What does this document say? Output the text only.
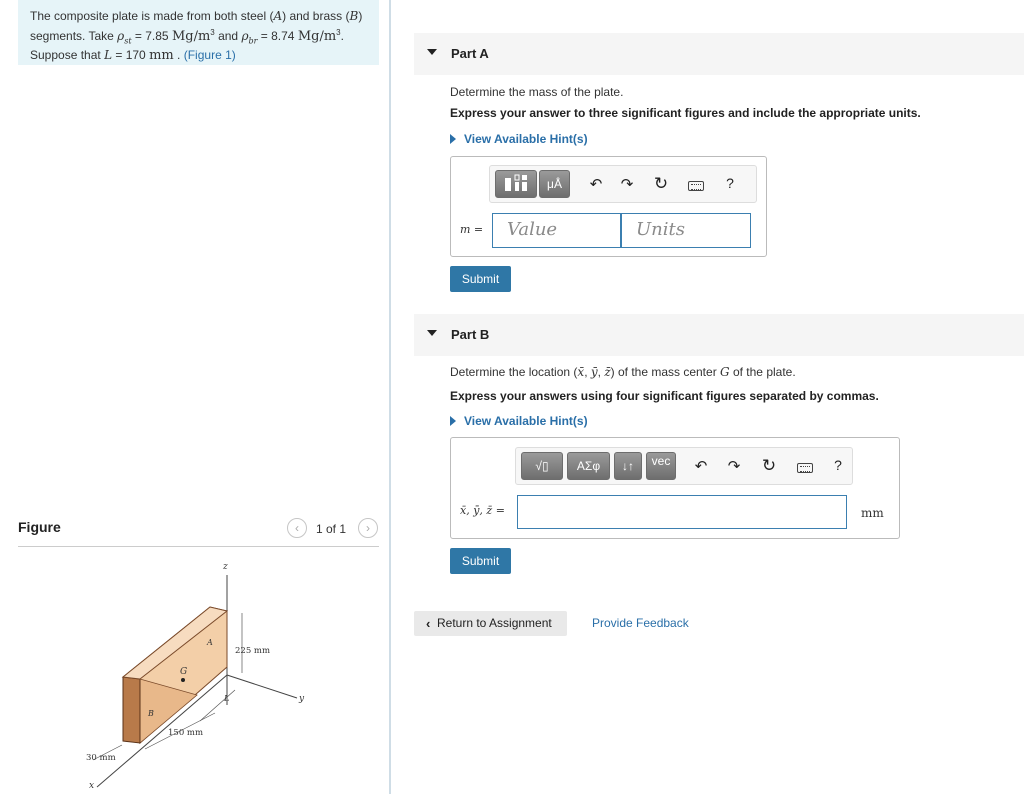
The composite plate is made from both steel (A) and brass (B)
segments. Take $\rho_{st} = 7.85$ $Mg/m^3$ and $\rho_{br} = 8.74$ $Mg/m^3$.
Suppose that L = 170 mm . (Figure 1)
Figure	‹	1 of 1	›
z
A
G
B
L	y
x
225 mm
150 mm
30 mm
Part A
Determine the mass of the plate.
Express your answer to three significant figures and include the appropriate units.
View Available Hint(s)
μÅ	↶ ↷ ↻	?
m = Value	Units
Submit
Part B
Determine the location (x̄, ȳ, z̄) of the mass center G of the plate.
Express your answers using four significant figures separated by commas.
View Available Hint(s)
√▯	ΑΣφ	↓↑	vec	↶ ↷ ↻	?
x̄, ȳ, z̄ =	mm
Submit
‹ Return to Assignment	Provide Feedback
